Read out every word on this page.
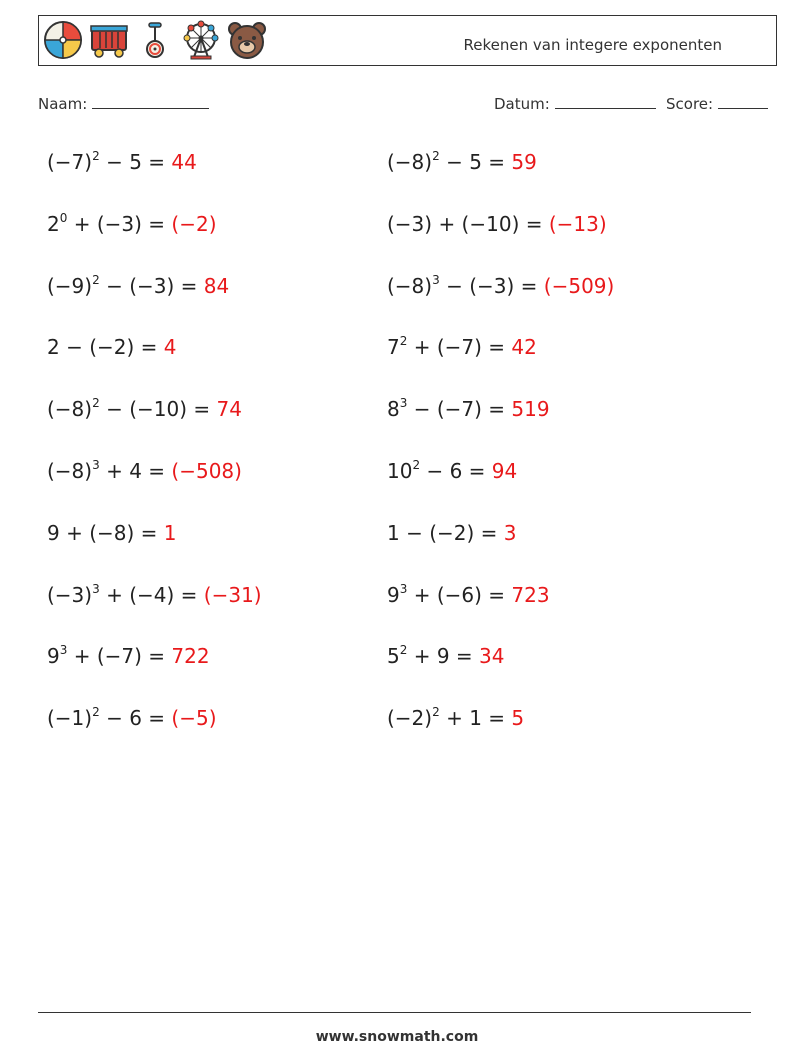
Rekenen van integere exponenten
Naam:	Datum:	Score:
$(-7)^2 - 5 = 44$	$(-8)^2 - 5 = 59$
$2^0 + (-3) = (-2)$	(−3) + (−10) = (−13)
$(-9)^2 - (-3) = 84$	$(-8)^3 - (-3) = (-509)$
2 − (−2) = 4	$7^2 + (-7) = 42$
$(-8)^2 - (-10) = 74$	$8^3 - (-7) = 519$
$(-8)^3 + 4 = (-508)$	$10^2 - 6 = 94$
9 + (−8) = 1	1 − (−2) = 3
$(-3)^3 + (-4) = (-31)$	$9^3 + (-6) = 723$
$9^3 + (-7) = 722$	$5^2 + 9 = 34$
$(-1)^2 - 6 = (-5)$	$(-2)^2 + 1 = 5$
www.snowmath.com
